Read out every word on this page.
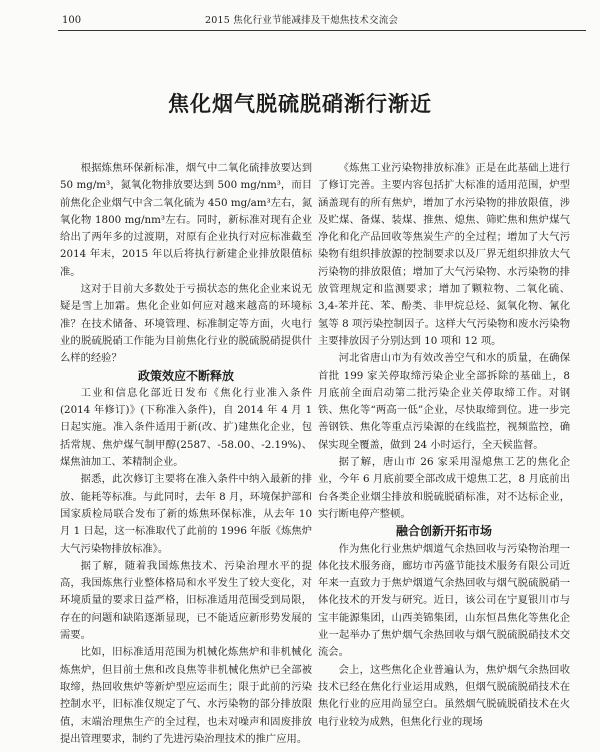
100	2015 焦化行业节能减排及干熄焦技术交流会
焦化烟气脱硫脱硝渐行渐近

根据炼焦环保新标准，烟气中二氧化硫排放要达到 50 mg/m³，氮氧化物排放要达到 500 mg/nm³，而目前焦化企业烟气中含二氧化硫为 450 mg/am³左右，氮氧化物 1800 mg/nm³左右。同时，新标准对现有企业给出了两年多的过渡期，对原有企业执行对应标准截至 2014 年末，2015 年以后将执行新建企业排放限值标准。

这对于目前大多数处于亏损状态的焦化企业来说无疑是雪上加霜。焦化企业如何应对越来越高的环境标准？在技术储备、环境管理、标准制定等方面，火电行业的脱硫脱硝工作能为目前焦化行业的脱硫脱硝提供什么样的经验？

政策效应不断释放

工业和信息化部近日发布《焦化行业准入条件(2014 年修订)》(下称准入条件)，自 2014 年 4 月 1 日起实施。准入条件适用于新(改、扩)建焦化企业，包括常规、焦炉煤气制甲醇(2587、-58.00、-2.19%)、煤焦油加工、苯精制企业。

据悉，此次修订主要将在准入条件中纳入最新的排放、能耗等标准。与此同时，去年 8 月，环境保护部和国家质检局联合发布了新的炼焦环保标准，从去年 10 月 1 日起，这一标准取代了此前的 1996 年版《炼焦炉大气污染物排放标准》。

据了解，随着我国炼焦技术、污染治理水平的提高，我国炼焦行业整体格局和水平发生了较大变化，对环境质量的要求日益严格，旧标准适用范围受到局限，存在的问题和缺陷逐渐显现，已不能适应新形势发展的需要。

比如，旧标准适用范围为机械化炼焦炉和非机械化炼焦炉，但目前土焦和改良焦等非机械化焦炉已全部被取缔，热回收焦炉等新炉型应运而生；限于此前的污染控制水平，旧标准仅规定了气、水污染物的部分排放限值，末端治理焦生产的全过程，也未对噪声和固废排放提出管理要求，制约了先进污染治理技术的推广应用。

《炼焦工业污染物排放标准》正是在此基础上进行了修订完善。主要内容包括扩大标准的适用范围，炉型涵盖现有的所有焦炉，增加了水污染物的排放限值，涉及贮煤、备煤、装煤、推焦、熄焦、筛贮焦和焦炉煤气净化和化产品回收等焦炭生产的全过程；增加了大气污染物有组织排放源的控制要求以及厂界无组织排放大气污染物的排放限值；增加了大气污染物、水污染物的排放管理规定和监测要求；增加了颗粒物、二氧化硫、3,4-苯并芘、苯、酚类、非甲烷总烃、氮氧化物、氰化氢等 8 项污染控制因子。这样大气污染物和废水污染物主要排放因子分别达到 10 项和 12 项。

河北省唐山市为有效改善空气和水的质量，在确保首批 199 家关停取缔污染企业全部拆除的基础上，8 月底前全面启动第二批污染企业关停取缔工作。对钢铁、焦化等“两高一低”企业，尽快取缔到位。进一步完善钢铁、焦化等重点污染源的在线监控，视频监控，确保实现全覆盖，做到 24 小时运行，全天候监督。

据了解，唐山市 26 家采用湿熄焦工艺的焦化企业，今年 6 月底前要全部改成干熄焦工艺，8 月底前出台各类企业烟尘排放和脱硫脱硝标准，对不达标企业，实行断电停产整顿。

融合创新开拓市场

作为焦化行业焦炉烟道气余热回收与污染物治理一体化技术服务商，廊坊市芮盛节能技术服务有限公司近年来一直致力于焦炉烟道气余热回收与烟气脱硫脱硝一体化技术的开发与研究。近日，该公司在宁夏银川市与宝丰能源集团，山西美锦集团，山东恒昌焦化等焦化企业一起举办了焦炉烟气余热回收与烟气脱硫脱硝技术交流会。

会上，这些焦化企业普遍认为，焦炉烟气余热回收技术已经在焦化行业运用成熟，但烟气脱硫脱硝技术在焦化行业的应用尚显空白。虽然烟气脱硫脱硝技术在火电行业较为成熟，但焦化行业的现场
